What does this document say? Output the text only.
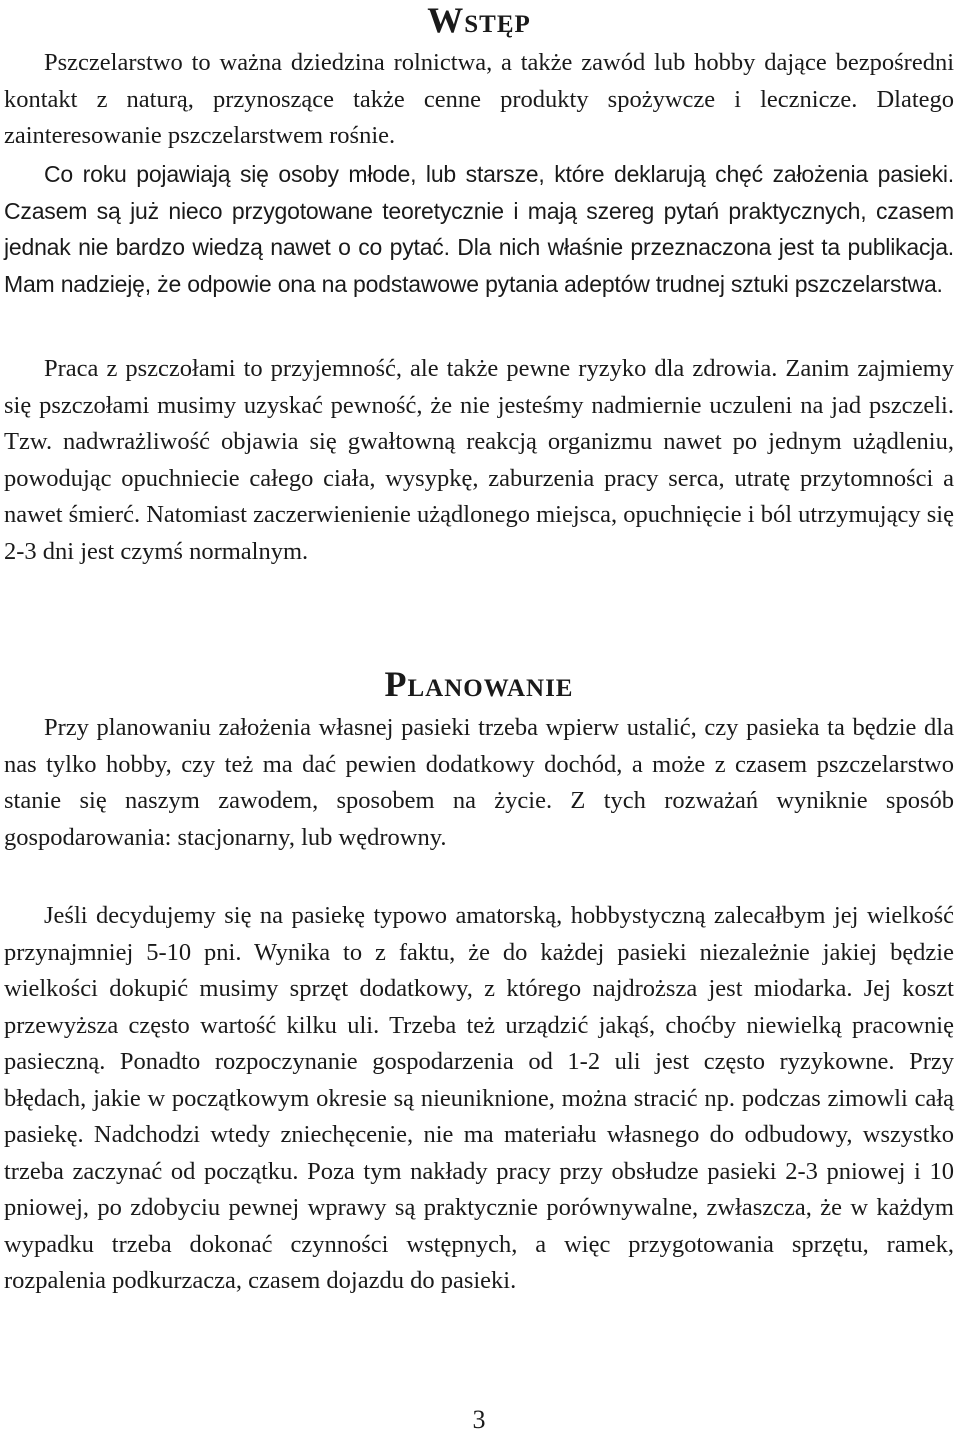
Wstęp

Pszczelarstwo to ważna dziedzina rolnictwa, a także zawód lub hobby dające bezpośredni kontakt z naturą, przynoszące także cenne produkty spożywcze i lecznicze. Dlatego zainteresowanie pszczelarstwem rośnie.

Co roku pojawiają się osoby młode, lub starsze, które deklarują chęć założenia pasieki. Czasem są już nieco przygotowane teoretycznie i mają szereg pytań praktycznych, czasem jednak nie bardzo wiedzą nawet o co pytać. Dla nich właśnie przeznaczona jest ta publikacja. Mam nadzieję, że odpowie ona na podstawowe pytania adeptów trudnej sztuki pszczelarstwa.

Praca z pszczołami to przyjemność, ale także pewne ryzyko dla zdrowia. Zanim zajmiemy się pszczołami musimy uzyskać pewność, że nie jesteśmy nadmiernie uczuleni na jad pszczeli. Tzw. nadwrażliwość objawia się gwałtowną reakcją organizmu nawet po jednym użądleniu, powodując opuchniecie całego ciała, wysypkę, zaburzenia pracy serca, utratę przytomności a nawet śmierć. Natomiast zaczerwienienie użądlonego miejsca, opuchnięcie i ból utrzymujący się 2-3 dni jest czymś normalnym.

Planowanie

Przy planowaniu założenia własnej pasieki trzeba wpierw ustalić, czy pasieka ta będzie dla nas tylko hobby, czy też ma dać pewien dodatkowy dochód, a może z czasem pszczelarstwo stanie się naszym zawodem, sposobem na życie. Z tych rozważań wyniknie sposób gospodarowania: stacjonarny, lub wędrowny.

Jeśli decydujemy się na pasiekę typowo amatorską, hobbystyczną zalecałbym jej wielkość przynajmniej 5-10 pni. Wynika to z faktu, że do każdej pasieki niezależnie jakiej będzie wielkości dokupić musimy sprzęt dodatkowy, z którego najdroższa jest miodarka. Jej koszt przewyższa często wartość kilku uli. Trzeba też urządzić jakąś, choćby niewielką pracownię pasieczną. Ponadto rozpoczynanie gospodarzenia od 1-2 uli jest często ryzykowne. Przy błędach, jakie w początkowym okresie są nieuniknione, można stracić np. podczas zimowli całą pasiekę. Nadchodzi wtedy zniechęcenie, nie ma materiału własnego do odbudowy, wszystko trzeba zaczynać od początku. Poza tym nakłady pracy przy obsłudze pasieki 2-3 pniowej i 10 pniowej, po zdobyciu pewnej wprawy są praktycznie porównywalne, zwłaszcza, że w każdym wypadku trzeba dokonać czynności wstępnych, a więc przygotowania sprzętu, ramek, rozpalenia podkurzacza, czasem dojazdu do pasieki.

3
